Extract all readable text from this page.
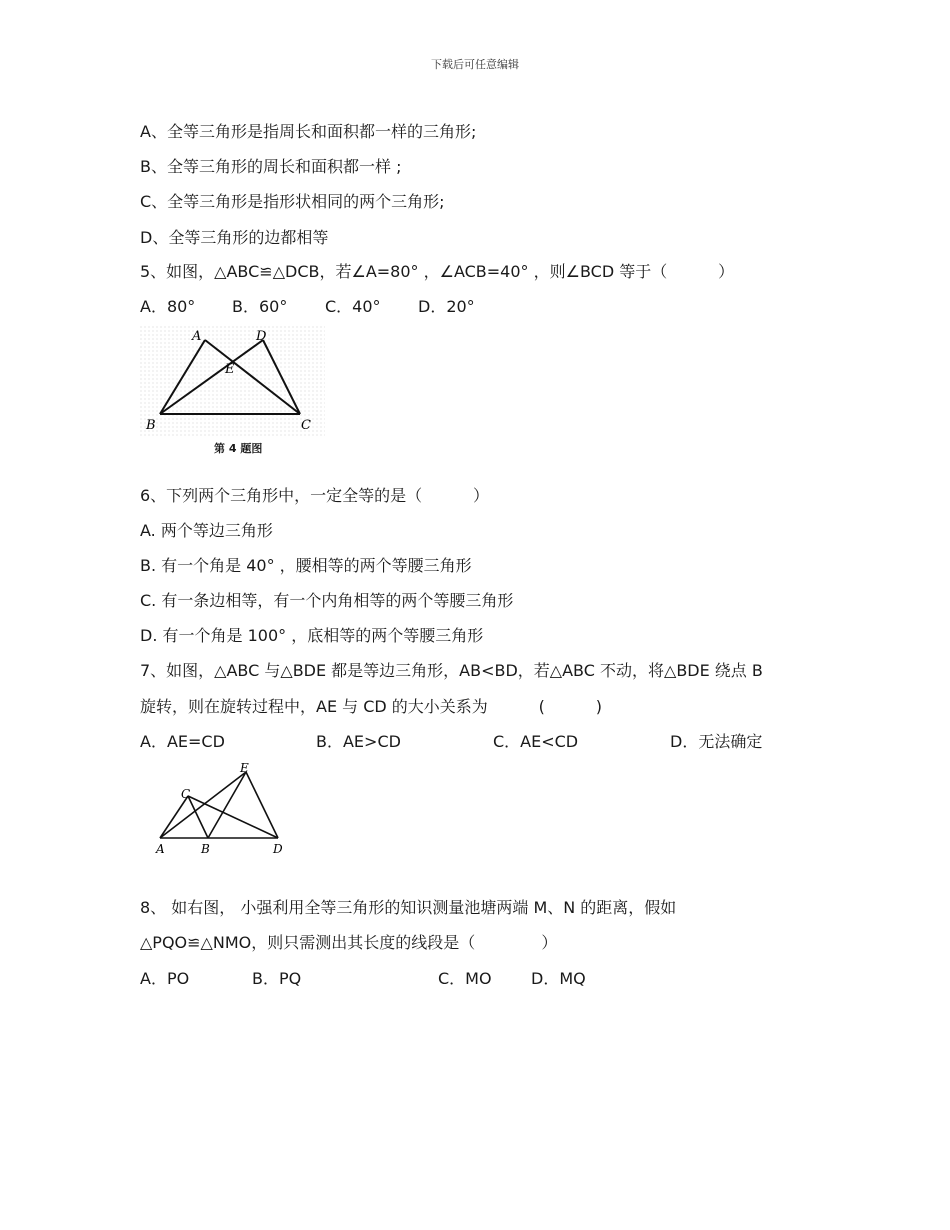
下载后可任意编辑
A、全等三角形是指周长和面积都一样的三角形;
B、全等三角形的周长和面积都一样 ;
C、全等三角形是指形状相同的两个三角形;
D、全等三角形的边都相等
5、如图，△ABC≌△DCB，若∠A=80° ，∠ACB=40° ，则∠BCD 等于（          ）
A．80° B．60° C．40° D．20°
A	D
E
B	C
第 4 题图
6、下列两个三角形中，一定全等的是（          ）
A. 两个等边三角形
B. 有一个角是 40° ，腰相等的两个等腰三角形
C. 有一条边相等，有一个内角相等的两个等腰三角形
D. 有一个角是 100° ，底相等的两个等腰三角形
7、如图，△ABC 与△BDE 都是等边三角形，AB<BD，若△ABC 不动，将△BDE 绕点 B
旋转，则在旋转过程中，AE 与 CD 的大小关系为          (          )
A．AE=CD	B．AE>CD	C．AE<CD	D．无法确定
E
C
A	B	D
8、 如右图， 小强利用全等三角形的知识测量池塘两端 M、N 的距离，假如
△PQO≌△NMO，则只需测出其长度的线段是（             ）
A．PO	B．PQ	C．MO D．MQ
